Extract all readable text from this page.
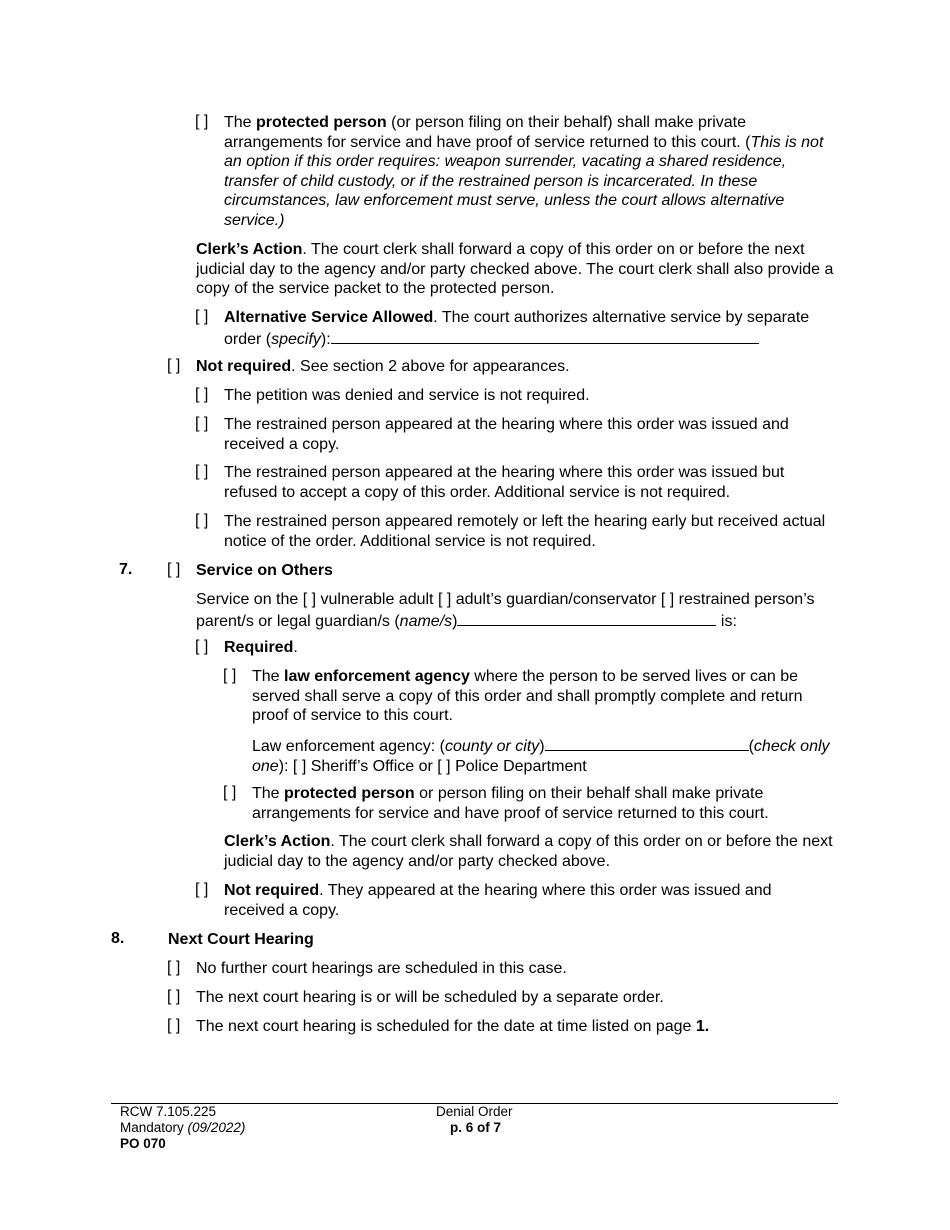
[ ] The protected person (or person filing on their behalf) shall make private arrangements for service and have proof of service returned to this court. (This is not an option if this order requires: weapon surrender, vacating a shared residence, transfer of child custody, or if the restrained person is incarcerated. In these circumstances, law enforcement must serve, unless the court allows alternative service.)
Clerk’s Action. The court clerk shall forward a copy of this order on or before the next judicial day to the agency and/or party checked above. The court clerk shall also provide a copy of the service packet to the protected person.
[ ] Alternative Service Allowed. The court authorizes alternative service by separate order (specify):
[ ] Not required. See section 2 above for appearances.
[ ] The petition was denied and service is not required.
[ ] The restrained person appeared at the hearing where this order was issued and received a copy.
[ ] The restrained person appeared at the hearing where this order was issued but refused to accept a copy of this order. Additional service is not required.
[ ] The restrained person appeared remotely or left the hearing early but received actual notice of the order. Additional service is not required.
7. [ ] Service on Others
Service on the [ ] vulnerable adult [ ] adult’s guardian/conservator [ ] restrained person’s parent/s or legal guardian/s (name/s)	is:
[ ] Required.
[ ] The law enforcement agency where the person to be served lives or can be served shall serve a copy of this order and shall promptly complete and return proof of service to this court.
Law enforcement agency: (county or city)	(check only one): [ ] Sheriff’s Office or [ ] Police Department
[ ] The protected person or person filing on their behalf shall make private arrangements for service and have proof of service returned to this court.
Clerk’s Action. The court clerk shall forward a copy of this order on or before the next judicial day to the agency and/or party checked above.
[ ] Not required. They appeared at the hearing where this order was issued and received a copy.
8.	Next Court Hearing
[ ] No further court hearings are scheduled in this case.
[ ] The next court hearing is or will be scheduled by a separate order.
[ ] The next court hearing is scheduled for the date at time listed on page 1.
RCW 7.105.225
Mandatory (09/2022)
PO 070
Denial Order
p. 6 of 7
